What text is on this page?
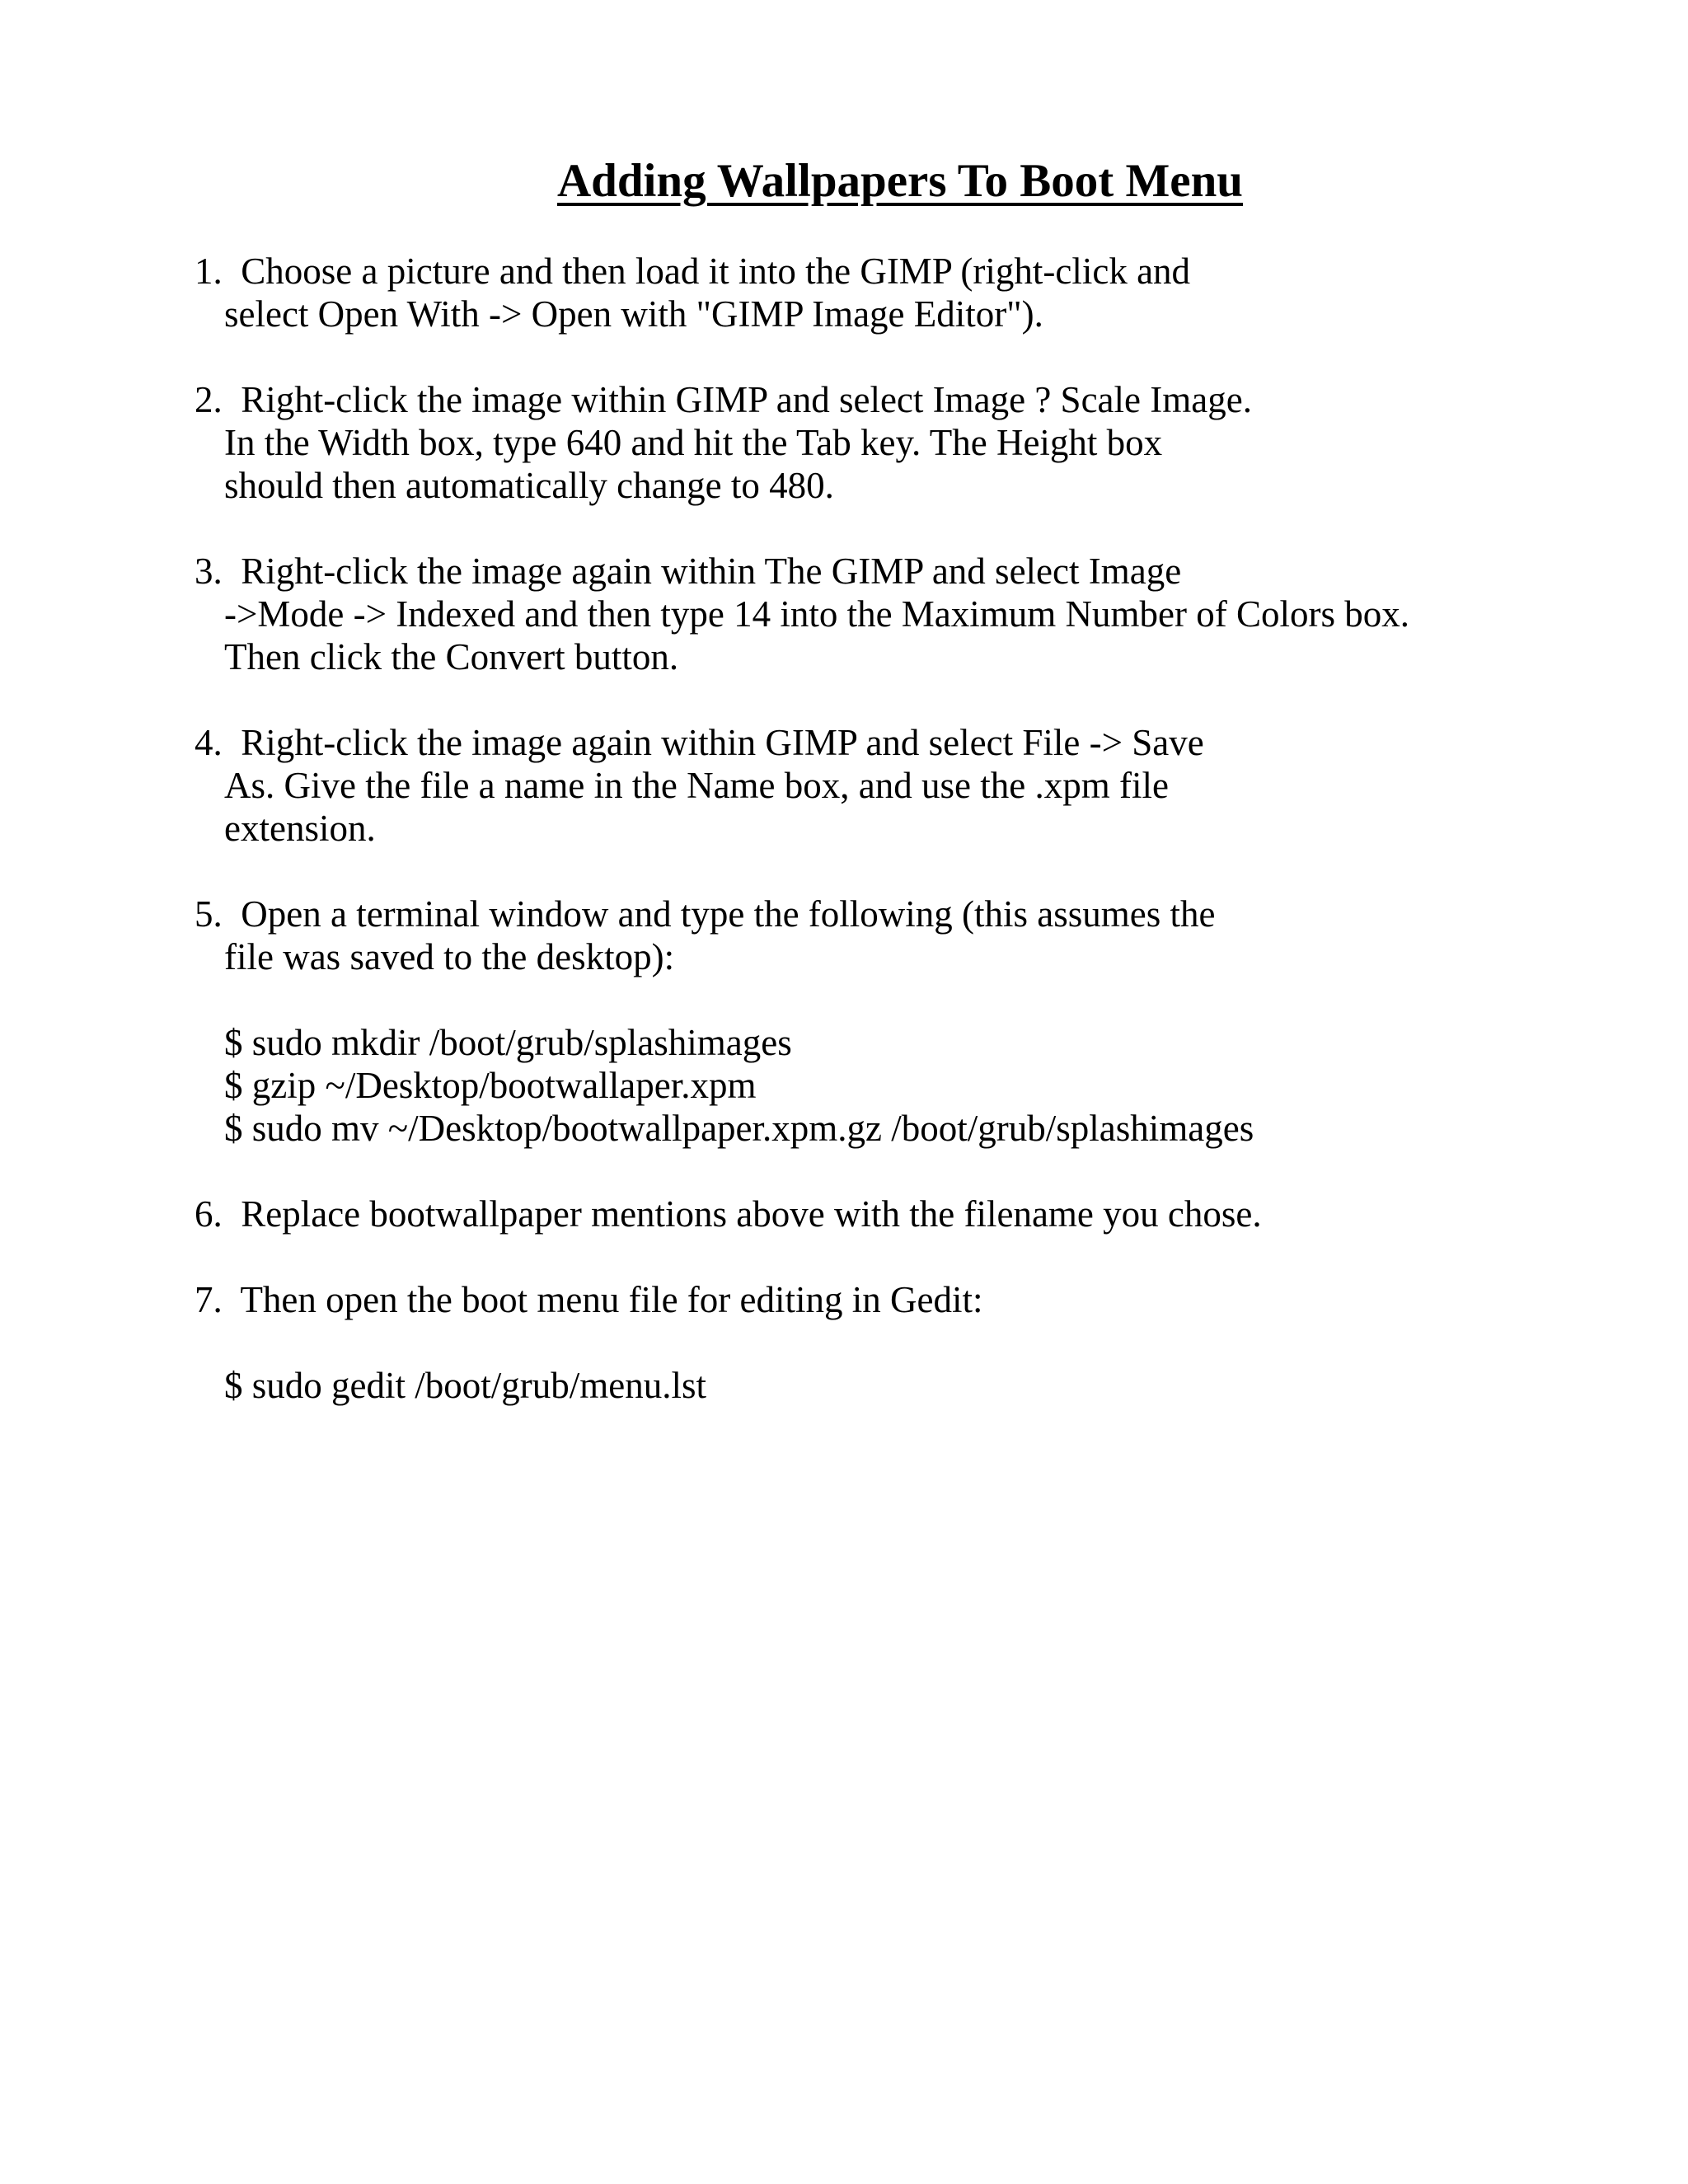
Adding Wallpapers To Boot Menu

1. Choose a picture and then load it into the GIMP (right-click and

select Open With -> Open with "GIMP Image Editor").

2. Right-click the image within GIMP and select Image ? Scale Image.

In the Width box, type 640 and hit the Tab key. The Height box

should then automatically change to 480.

3. Right-click the image again within The GIMP and select Image

->Mode -> Indexed and then type 14 into the Maximum Number of Colors box.

Then click the Convert button.

4. Right-click the image again within GIMP and select File -> Save

As. Give the file a name in the Name box, and use the .xpm file

extension.

5. Open a terminal window and type the following (this assumes the

file was saved to the desktop):

$ sudo mkdir /boot/grub/splashimages

$ gzip ~/Desktop/bootwallaper.xpm

$ sudo mv ~/Desktop/bootwallpaper.xpm.gz /boot/grub/splashimages

6. Replace bootwallpaper mentions above with the filename you chose.

7. Then open the boot menu file for editing in Gedit:

$ sudo gedit /boot/grub/menu.lst
